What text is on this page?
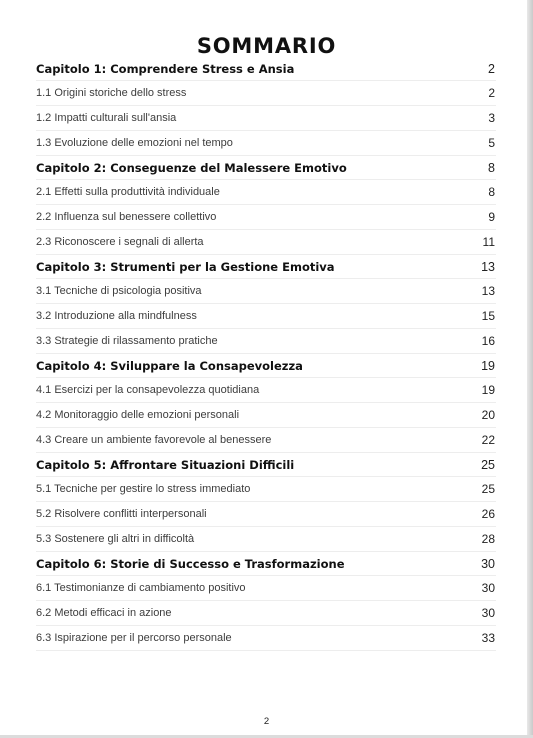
SOMMARIO
Capitolo 1: Comprendere Stress e Ansia	2
1.1 Origini storiche dello stress	2
1.2 Impatti culturali sull'ansia	3
1.3 Evoluzione delle emozioni nel tempo	5
Capitolo 2: Conseguenze del Malessere Emotivo	8
2.1 Effetti sulla produttività individuale	8
2.2 Influenza sul benessere collettivo	9
2.3 Riconoscere i segnali di allerta	11
Capitolo 3: Strumenti per la Gestione Emotiva	13
3.1 Tecniche di psicologia positiva	13
3.2 Introduzione alla mindfulness	15
3.3 Strategie di rilassamento pratiche	16
Capitolo 4: Sviluppare la Consapevolezza	19
4.1 Esercizi per la consapevolezza quotidiana	19
4.2 Monitoraggio delle emozioni personali	20
4.3 Creare un ambiente favorevole al benessere	22
Capitolo 5: Affrontare Situazioni Difficili	25
5.1 Tecniche per gestire lo stress immediato	25
5.2 Risolvere conflitti interpersonali	26
5.3 Sostenere gli altri in difficoltà	28
Capitolo 6: Storie di Successo e Trasformazione	30
6.1 Testimonianze di cambiamento positivo	30
6.2 Metodi efficaci in azione	30
6.3 Ispirazione per il percorso personale	33
2
